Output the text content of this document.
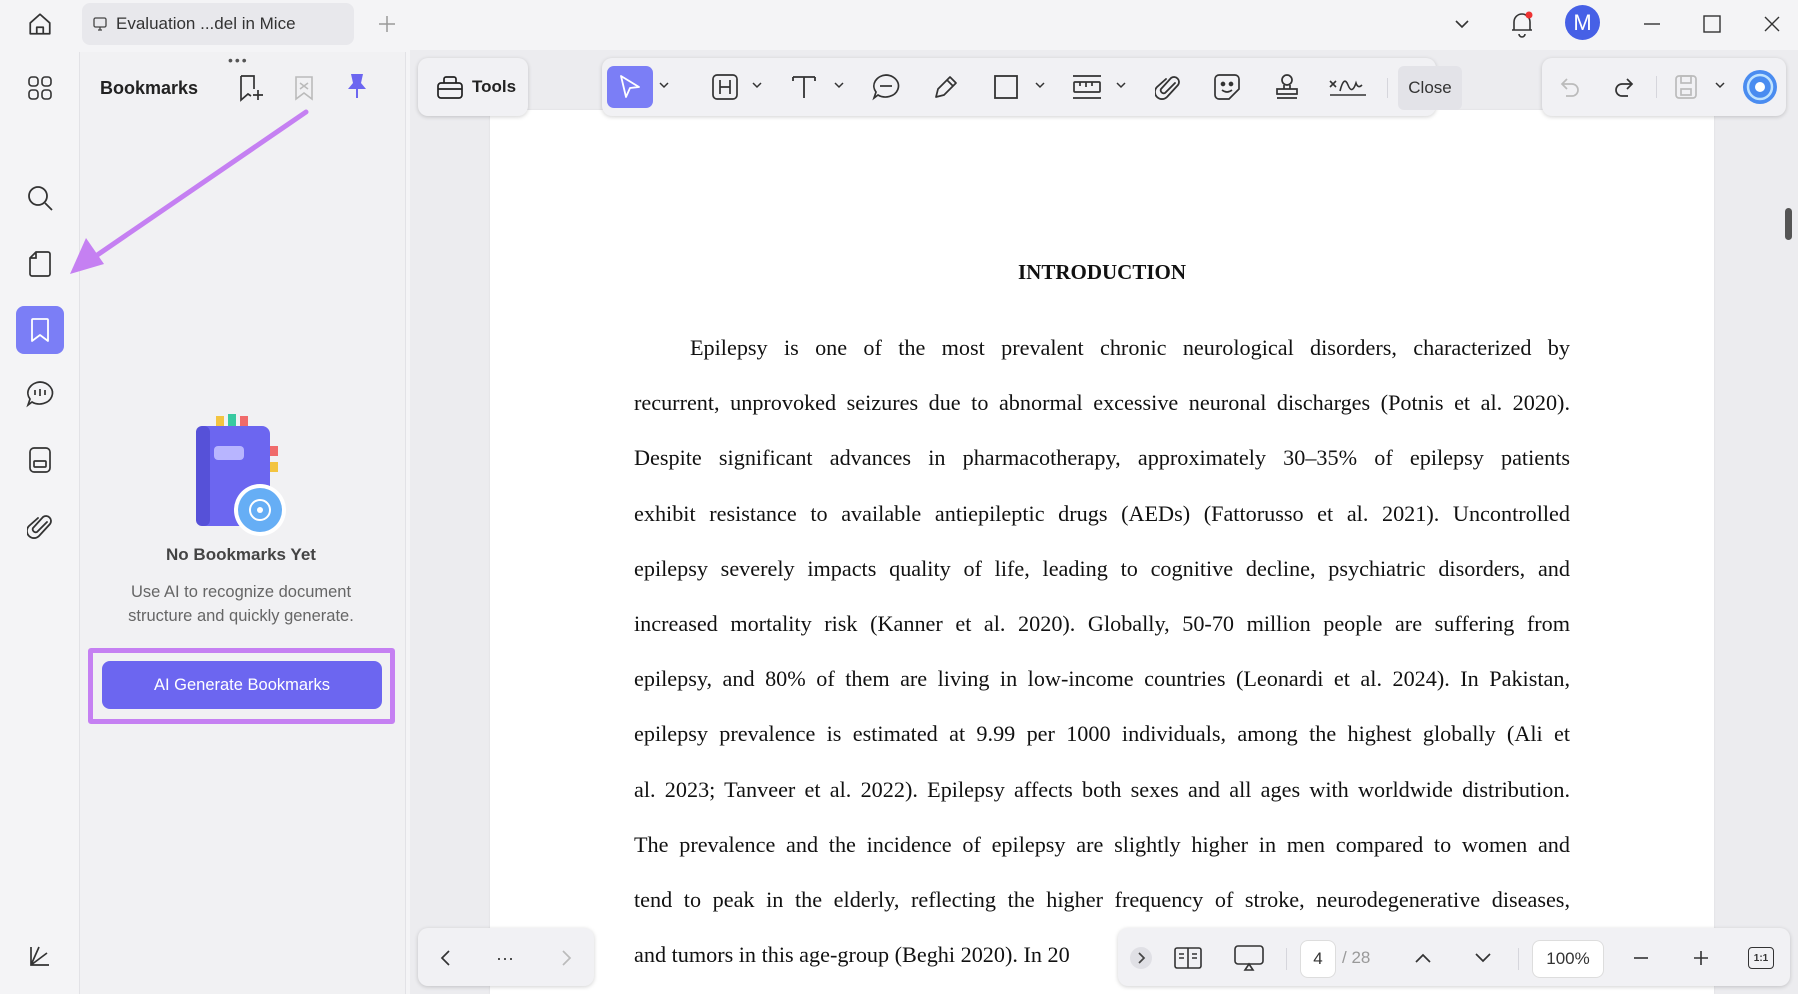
Evaluation ...del in Mice	M
Bookmarks
•••
No Bookmarks Yet
Use AI to recognize document structure and quickly generate.
AI Generate Bookmarks
INTRODUCTION
Epilepsy is one of the most prevalent chronic neurological disorders, characterized by
recurrent, unprovoked seizures due to abnormal excessive neuronal discharges (Potnis et al. 2020).
Despite significant advances in pharmacotherapy, approximately 30–35% of epilepsy patients
exhibit resistance to available antiepileptic drugs (AEDs) (Fattorusso et al. 2021). Uncontrolled
epilepsy severely impacts quality of life, leading to cognitive decline, psychiatric disorders, and
increased mortality risk (Kanner et al. 2020). Globally, 50-70 million people are suffering from
epilepsy, and 80% of them are living in low-income countries (Leonardi et al. 2024). In Pakistan,
epilepsy prevalence is estimated at 9.99 per 1000 individuals, among the highest globally (Ali et
al. 2023; Tanveer et al. 2022). Epilepsy affects both sexes and all ages with worldwide distribution.
The prevalence and the incidence of epilepsy are slightly higher in men compared to women and
tend to peak in the elderly, reflecting the higher frequency of stroke, neurodegenerative diseases,
and tumors in this age-group (Beghi 2020). In 20
Tools	Close
···	4	/ 28	100%	1:1
